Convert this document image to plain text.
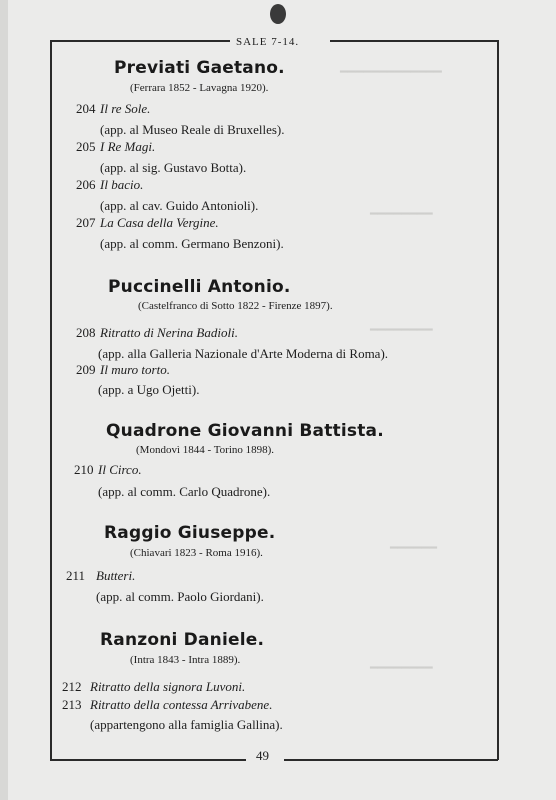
━━━━━━━━━━━━━
━━━━━━━━
━━━━━━━━
━━━━━━
━━━━━━━━
SALE 7-14.
Previati Gaetano.
(Ferrara 1852 - Lavagna 1920).
204 Il re Sole.
(app. al Museo Reale di Bruxelles).
205 I Re Magi.
(app. al sig. Gustavo Botta).
206 Il bacio.
(app. al cav. Guido Antonioli).
207 La Casa della Vergine.
(app. al comm. Germano Benzoni).
Puccinelli Antonio.
(Castelfranco di Sotto 1822 - Firenze 1897).
208 Ritratto di Nerina Badioli.
(app. alla Galleria Nazionale d'Arte Moderna di Roma).
209 Il muro torto.
(app. a Ugo Ojetti).
Quadrone Giovanni Battista.
(Mondovì 1844 - Torino 1898).
210 Il Circo.
(app. al comm. Carlo Quadrone).
Raggio Giuseppe.
(Chiavari 1823 - Roma 1916).
211 Butteri.
(app. al comm. Paolo Giordani).
Ranzoni Daniele.
(Intra 1843 - Intra 1889).
212 Ritratto della signora Luvoni.
213 Ritratto della contessa Arrivabene.
(appartengono alla famiglia Gallina).
49
